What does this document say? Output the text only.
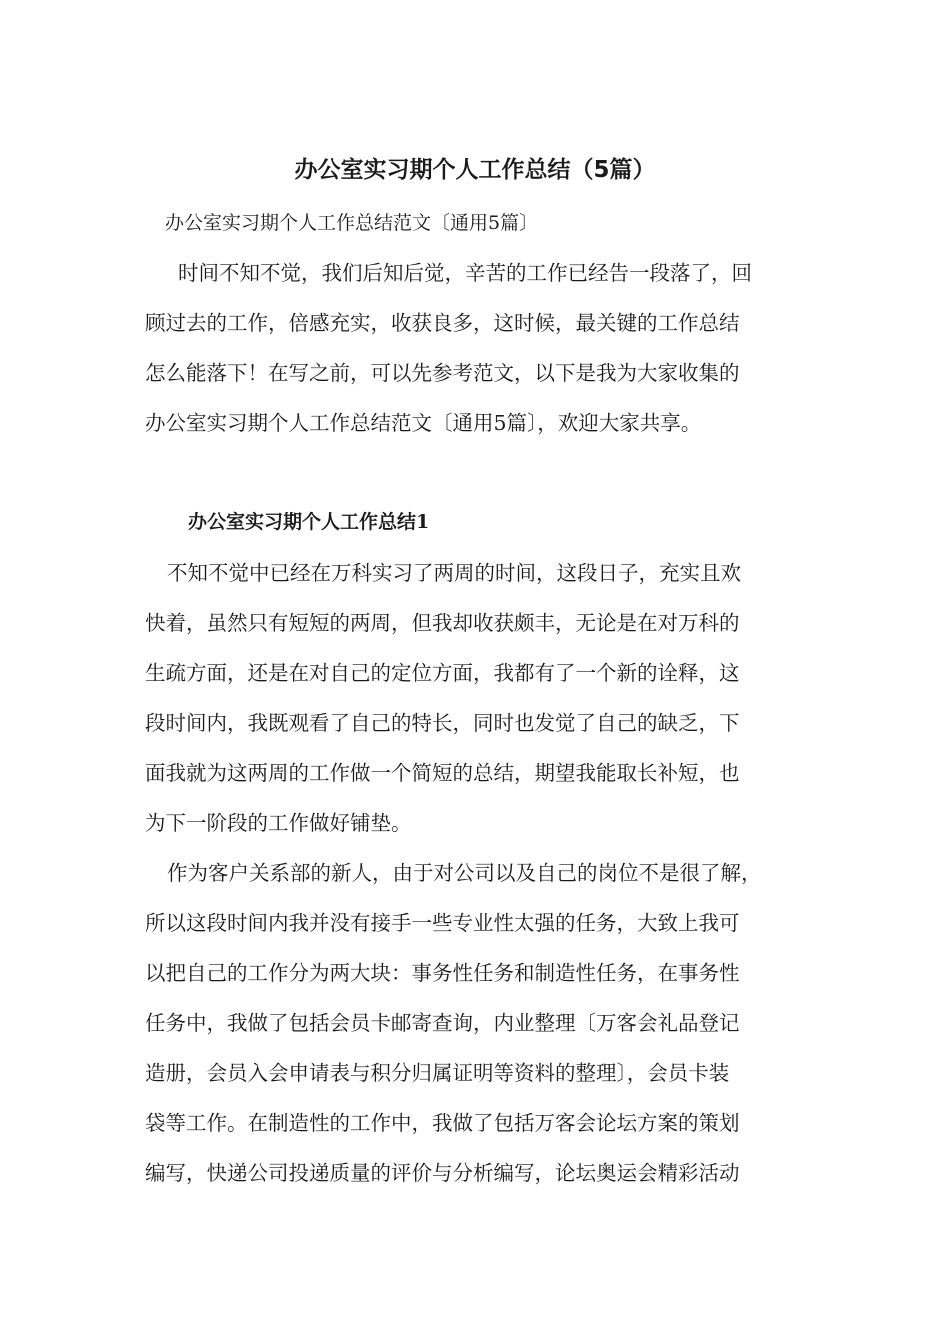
办公室实习期个人工作总结（5篇）

办公室实习期个人工作总结范文〔通用5篇〕

时间不知不觉，我们后知后觉，辛苦的工作已经告一段落了，回
顾过去的工作，倍感充实，收获良多，这时候，最关键的工作总结
怎么能落下！在写之前，可以先参考范文，以下是我为大家收集的
办公室实习期个人工作总结范文〔通用5篇〕，欢迎大家共享。

办公室实习期个人工作总结1

不知不觉中已经在万科实习了两周的时间，这段日子，充实且欢
快着，虽然只有短短的两周，但我却收获颇丰，无论是在对万科的
生疏方面，还是在对自己的定位方面，我都有了一个新的诠释，这
段时间内，我既观看了自己的特长，同时也发觉了自己的缺乏，下
面我就为这两周的工作做一个简短的总结，期望我能取长补短，也
为下一阶段的工作做好铺垫。

作为客户关系部的新人，由于对公司以及自己的岗位不是很了解，
所以这段时间内我并没有接手一些专业性太强的任务，大致上我可
以把自己的工作分为两大块：事务性任务和制造性任务，在事务性
任务中，我做了包括会员卡邮寄查询，内业整理〔万客会礼品登记
造册，会员入会申请表与积分归属证明等资料的整理〕，会员卡装
袋等工作。在制造性的工作中，我做了包括万客会论坛方案的策划
编写，快递公司投递质量的评价与分析编写，论坛奥运会精彩活动
